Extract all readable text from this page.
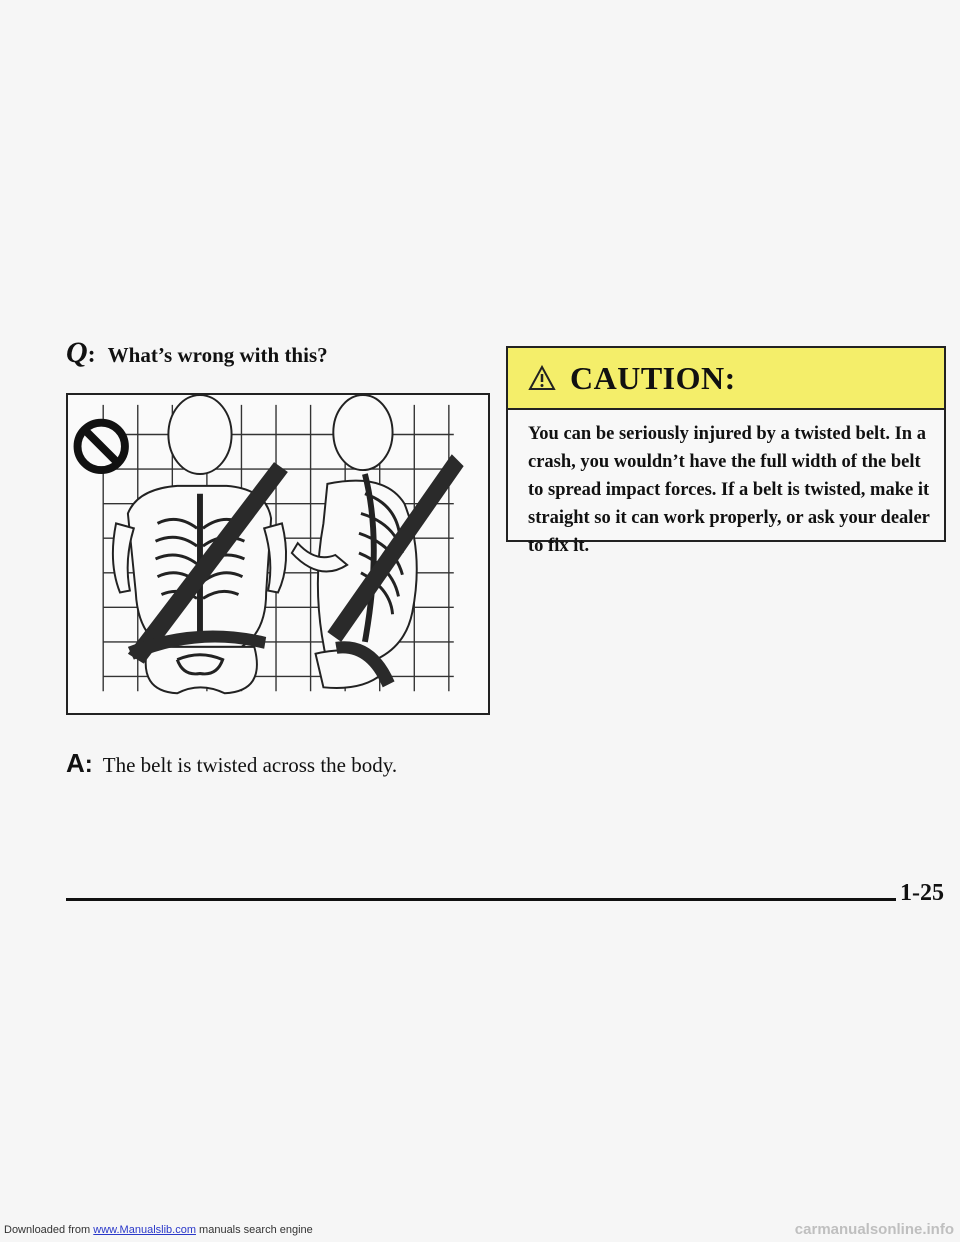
Q : What’s wrong with this?
A : The belt is twisted across the body.
CAUTION:
You can be seriously injured by a twisted belt. In a crash, you wouldn’t have the full width of the belt to spread impact forces. If a belt is twisted, make it straight so it can work properly, or ask your dealer to fix it.
1-25
Downloaded from www.Manualslib.com manuals search engine	carmanualsonline.info
